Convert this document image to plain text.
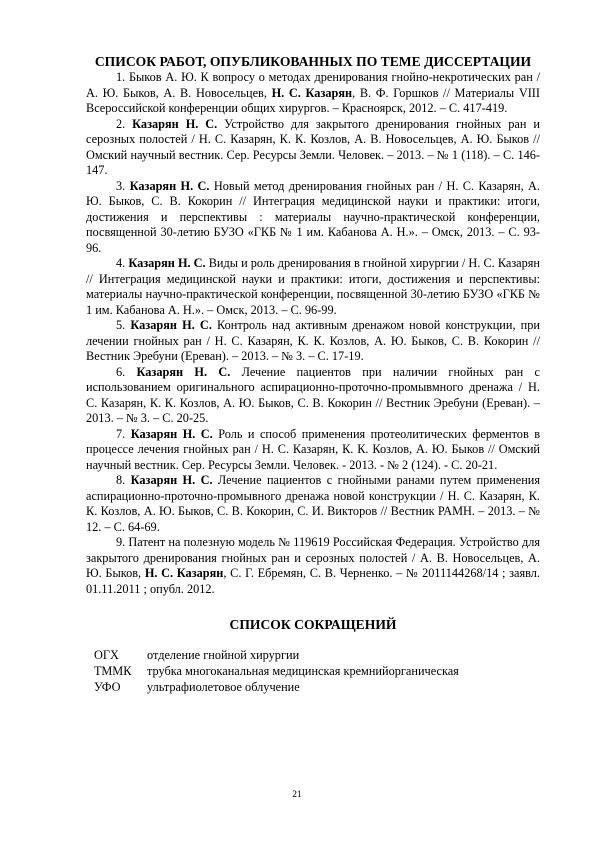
СПИСОК РАБОТ, ОПУБЛИКОВАННЫХ ПО ТЕМЕ ДИССЕРТАЦИИ

1. Быков А. Ю. К вопросу о методах дренирования гнойно-некротических ран / А. Ю. Быков, А. В. Новосельцев, Н. С. Казарян, В. Ф. Горшков // Материалы VIII Всероссийской конференции общих хирургов. – Красноярск, 2012. – С. 417-419.

2. Казарян Н. С. Устройство для закрытого дренирования гнойных ран и серозных полостей / Н. С. Казарян, К. К. Козлов, А. В. Новосельцев, А. Ю. Быков // Омский научный вестник. Сер. Ресурсы Земли. Человек. – 2013. – № 1 (118). – С. 146-147.

3. Казарян Н. С. Новый метод дренирования гнойных ран / Н. С. Казарян, А. Ю. Быков, С. В. Кокорин // Интеграция медицинской науки и практики: итоги, достижения и перспективы : материалы научно-практической конференции, посвященной 30-летию БУЗО «ГКБ № 1 им. Кабанова А. Н.». – Омск, 2013. – С. 93-96.

4. Казарян Н. С. Виды и роль дренирования в гнойной хирургии / Н. С. Казарян // Интеграция медицинской науки и практики: итоги, достижения и перспективы: материалы научно-практической конференции, посвященной 30-летию БУЗО «ГКБ № 1 им. Кабанова А. Н.». – Омск, 2013. – С. 96-99.

5. Казарян Н. С. Контроль над активным дренажом новой конструкции, при лечении гнойных ран / Н. С. Казарян, К. К. Козлов, А. Ю. Быков, С. В. Кокорин // Вестник Эребуни (Ереван). – 2013. – № 3. – С. 17-19.

6. Казарян Н. С. Лечение пациентов при наличии гнойных ран с использованием оригинального аспирационно-проточно-промывмного дренажа / Н. С. Казарян, К. К. Козлов, А. Ю. Быков, С. В. Кокорин // Вестник Эребуни (Ереван). – 2013. – № 3. – С. 20-25.

7. Казарян Н. С. Роль и способ применения протеолитических ферментов в процессе лечения гнойных ран / Н. С. Казарян, К. К. Козлов, А. Ю. Быков // Омский научный вестник. Сер. Ресурсы Земли. Человек. - 2013. - № 2 (124). - С. 20-21.

8. Казарян Н. С. Лечение пациентов с гнойными ранами путем применения аспирационно-проточно-промывного дренажа новой конструкции / Н. С. Казарян, К. К. Козлов, А. Ю. Быков, С. В. Кокорин, С. И. Викторов // Вестник РАМН. – 2013. – № 12. – С. 64-69.

9. Патент на полезную модель № 119619 Российская Федерация. Устройство для закрытого дренирования гнойных ран и серозных полостей / А. В. Новосельцев, А. Ю. Быков, Н. С. Казарян, С. Г. Ебремян, С. В. Черненко. – № 2011144268/14 ; заявл. 01.11.2011 ; опубл. 2012.

СПИСОК СОКРАЩЕНИЙ
ОГХ	отделение гнойной хирургии
ТММК	трубка многоканальная медицинская кремнийорганическая
УФО	ультрафиолетовое облучение
21
